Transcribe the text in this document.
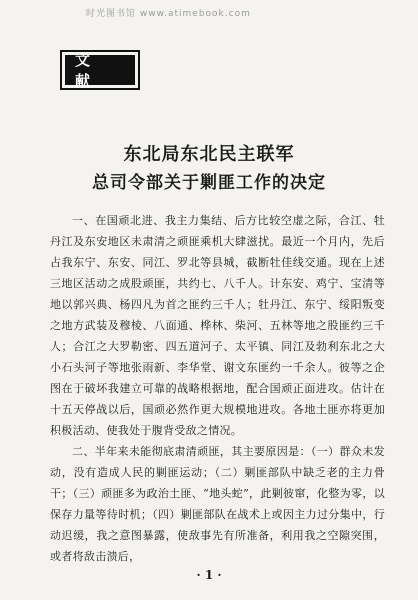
时光图书馆 www.atimebook.com
文 献
东北局东北民主联军
总司令部关于剿匪工作的决定

一、在国顽北进、我主力集结、后方比较空虚之际，合江、牡丹江及东安地区未肃清之顽匪乘机大肆滋扰。最近一个月内，先后占我东宁、东安、同江、罗北等县城，截断牡佳线交通。现在上述三地区活动之成股顽匪，共约七、八千人。计东安、鸡宁、宝清等地以郭兴典、杨四凡为首之匪约三千人；牡丹江、东宁、绥阳叛变之地方武装及穆棱、八面通、桦林、柴河、五林等地之股匪约三千人；合江之大罗勒密、四五道河子、太平镇、同江及勃利东北之大小石头河子等地张雨新、李华堂、谢文东匪约一千余人。彼等之企图在于破坏我建立可靠的战略根据地，配合国顽正面进攻。估计在十五天停战以后，国顽必然作更大规模地进攻。各地土匪亦将更加积极活动、使我处于腹背受敌之情况。

二、半年来未能彻底肃清顽匪，其主要原因是：（一）群众未发动，没有造成人民的剿匪运动；（二）剿匪部队中缺乏老的主力骨干；（三）顽匪多为政治土匪、“地头蛇”，此剿彼窜，化整为零，以保存力量等待时机；（四）剿匪部队在战术上或因主力过分集中，行动迟缓，我之意图暴露，使敌事先有所准备，利用我之空隙突围，或者将敌击溃后，

· 1 ·
